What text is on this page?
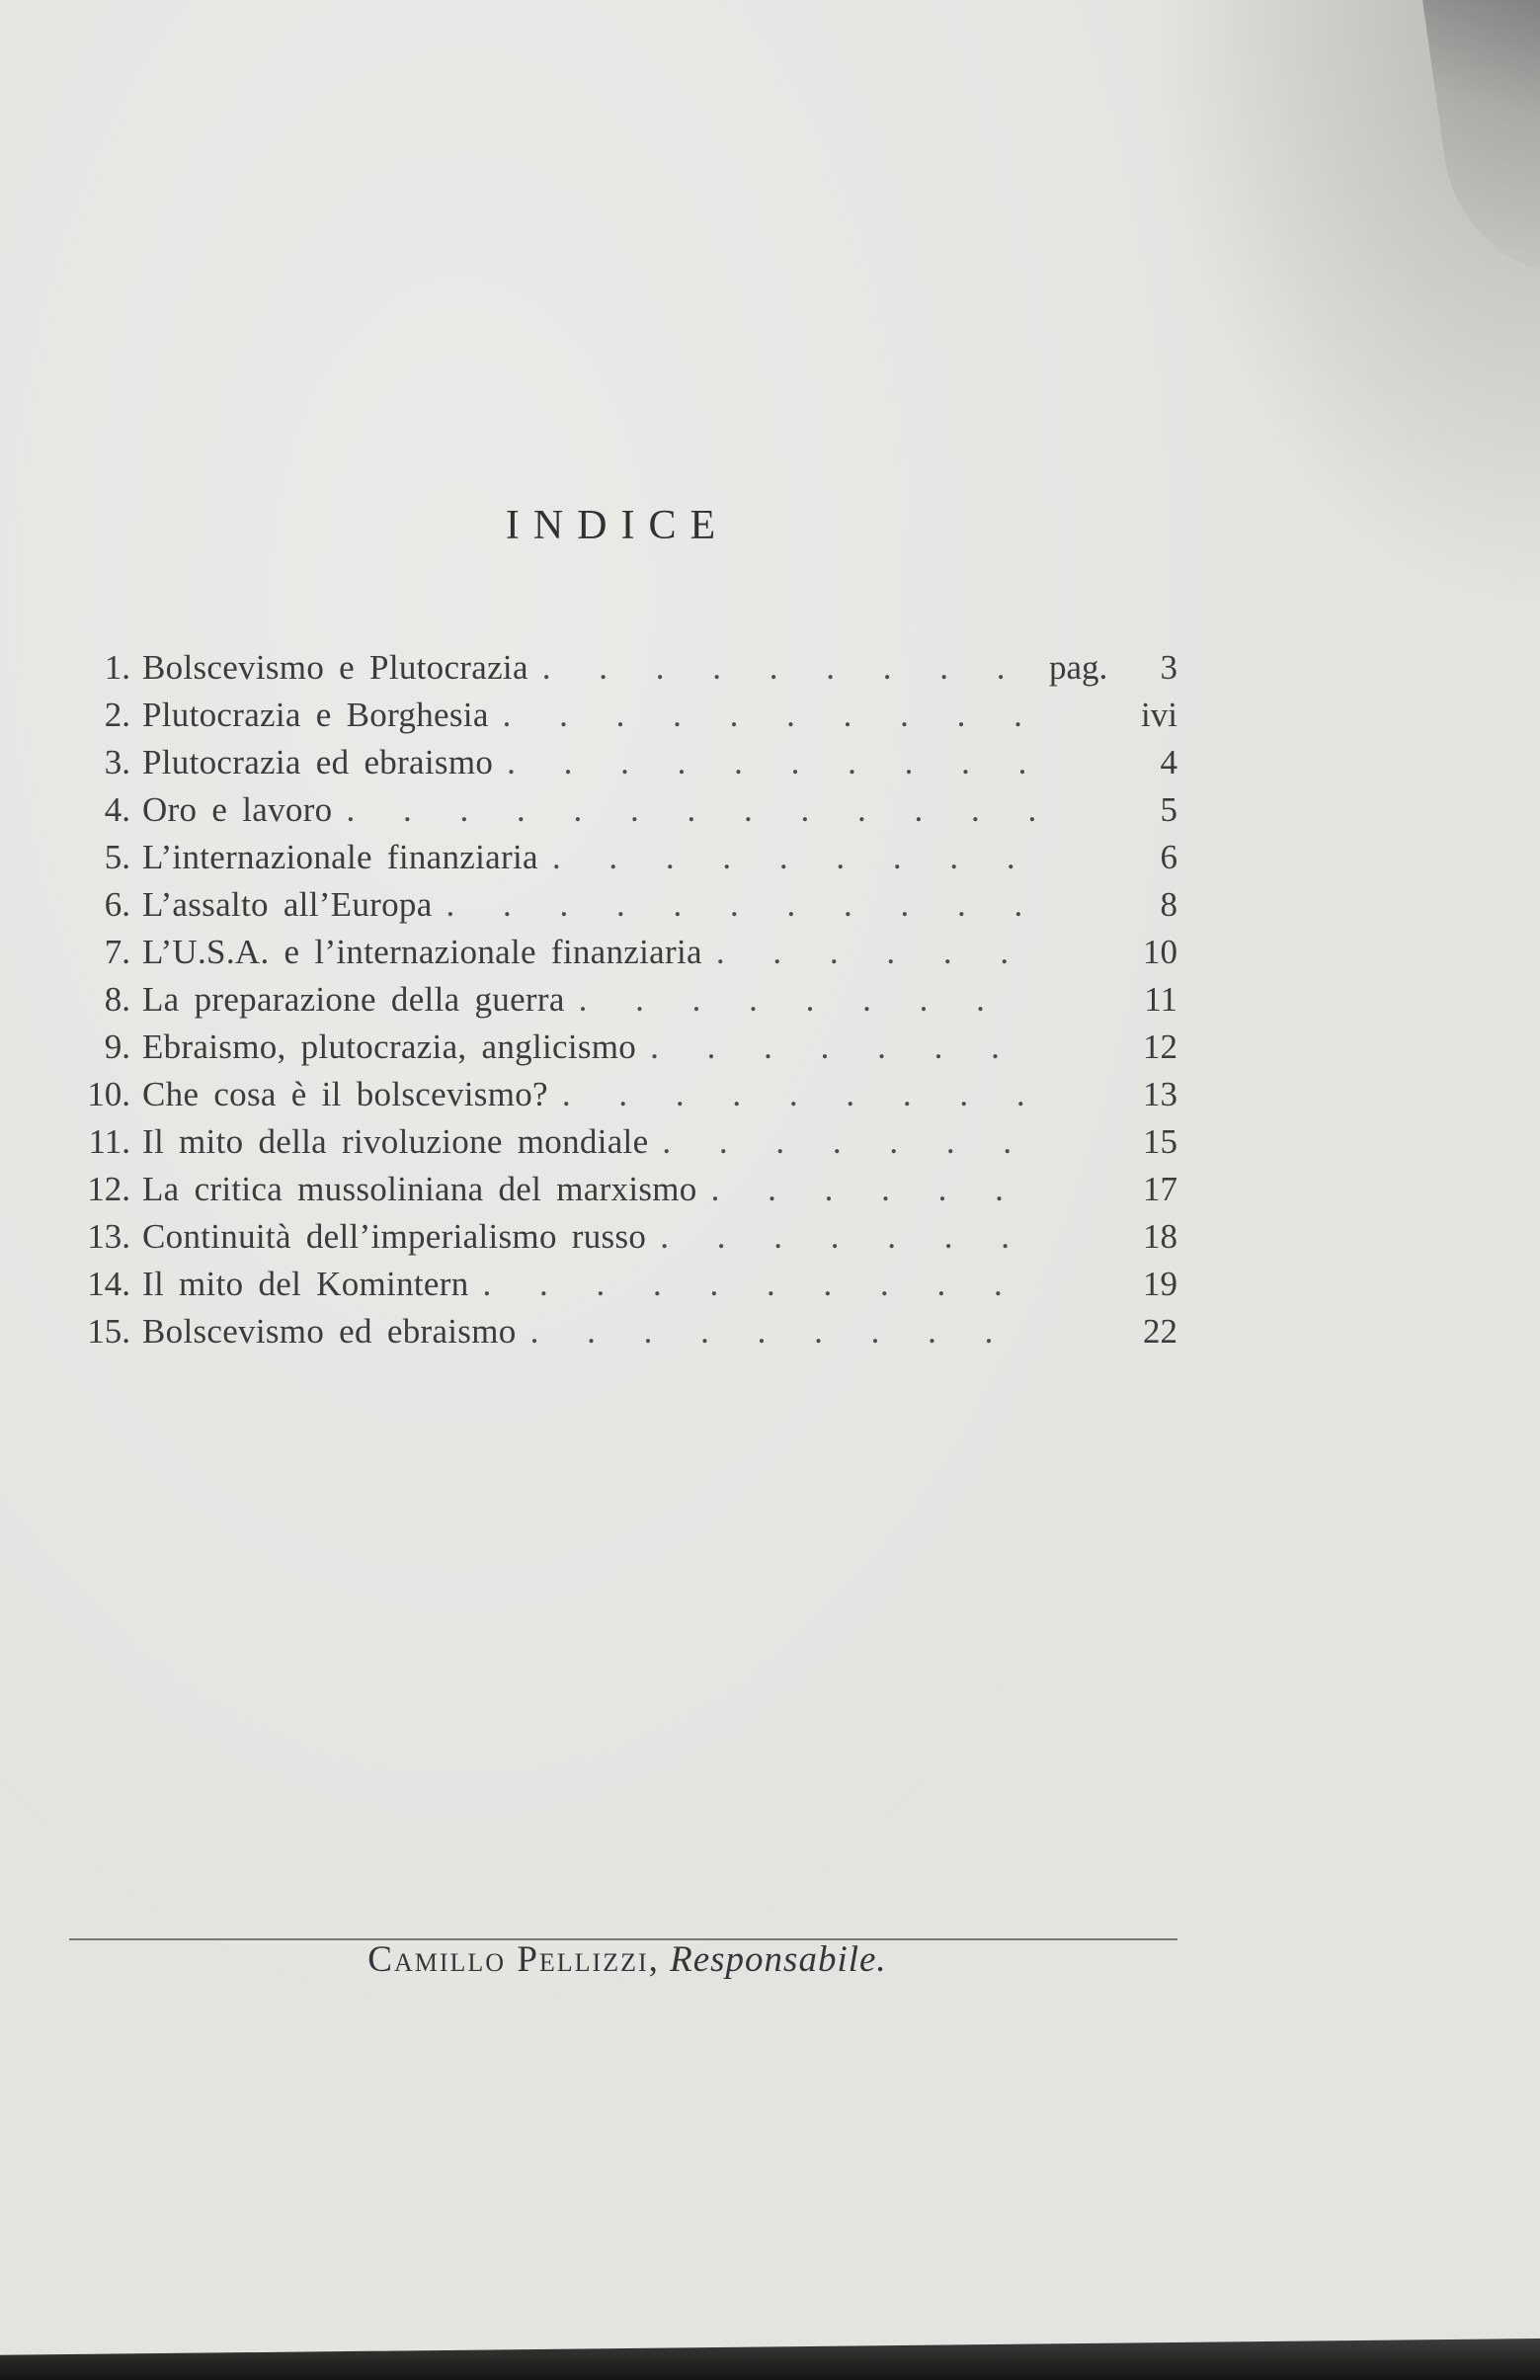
INDICE
1. Bolscevismo e Plutocrazia . . .	pag.	3
2. Plutocrazia e Borghesia . . .	ivi
3. Plutocrazia ed ebraismo . . .	4
4. Oro e lavoro . . .	5
5. L’internazionale finanziaria . . .	6
6. L’assalto all’Europa . . .	8
7. L’U.S.A. e l’internazionale finanziaria . . .	10
8. La preparazione della guerra . . .	11
9. Ebraismo, plutocrazia, anglicismo . . .	12
10. Che cosa è il bolscevismo? . . .	13
11. Il mito della rivoluzione mondiale . . .	15
12. La critica mussoliniana del marxismo . . .	17
13. Continuità dell’imperialismo russo . . .	18
14. Il mito del Komintern . . .	19
15. Bolscevismo ed ebraismo . . .	22
Camillo Pellizzi, Responsabile.
